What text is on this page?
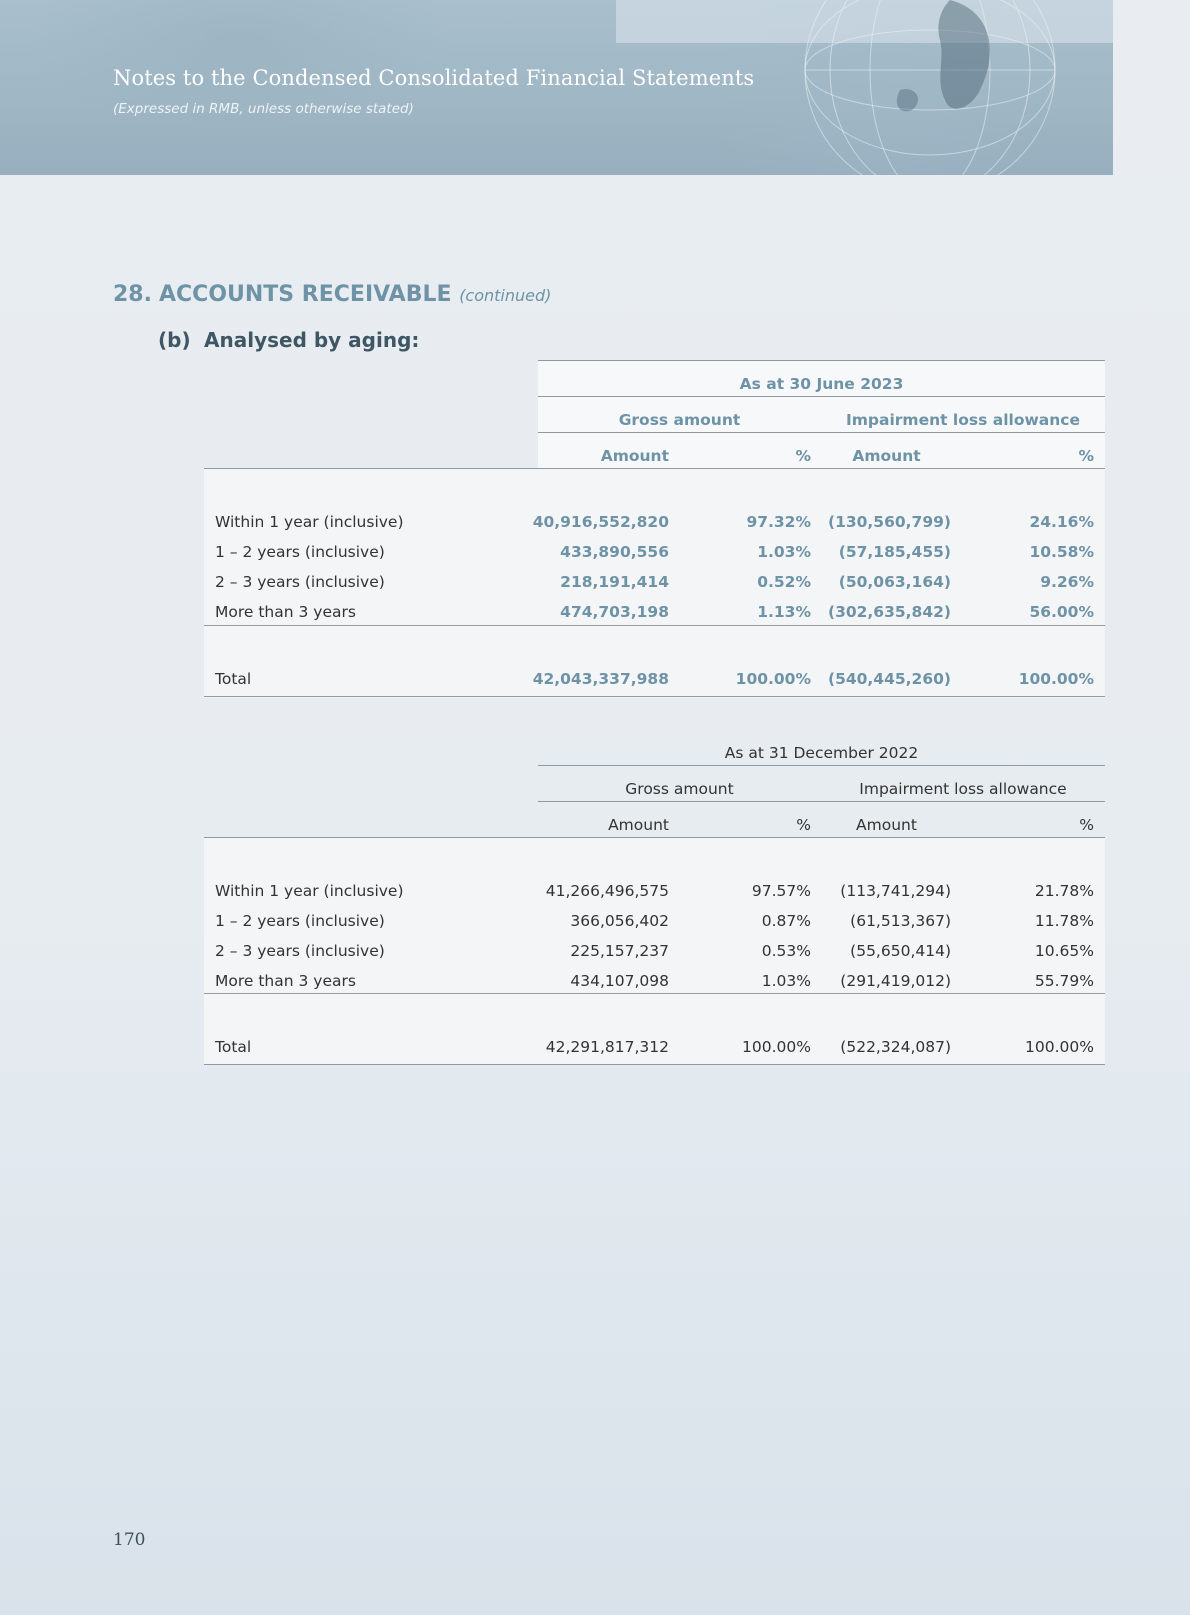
Notes to the Condensed Consolidated Financial Statements
(Expressed in RMB, unless otherwise stated)
28. ACCOUNTS RECEIVABLE (continued)
(b) Analysed by aging:
As at 30 June 2023
Gross amount	Impairment loss allowance
Amount	%	Amount	%
Within 1 year (inclusive)	40,916,552,820	97.32%	(130,560,799)	24.16%
1 – 2 years (inclusive)	433,890,556	1.03%	(57,185,455)	10.58%
2 – 3 years (inclusive)	218,191,414	0.52%	(50,063,164)	9.26%
More than 3 years	474,703,198	1.13%	(302,635,842)	56.00%
Total	42,043,337,988	100.00%	(540,445,260)	100.00%
As at 31 December 2022
Gross amount	Impairment loss allowance
Amount	%	Amount	%
Within 1 year (inclusive)	41,266,496,575	97.57%	(113,741,294)	21.78%
1 – 2 years (inclusive)	366,056,402	0.87%	(61,513,367)	11.78%
2 – 3 years (inclusive)	225,157,237	0.53%	(55,650,414)	10.65%
More than 3 years	434,107,098	1.03%	(291,419,012)	55.79%
Total	42,291,817,312	100.00%	(522,324,087)	100.00%
170
